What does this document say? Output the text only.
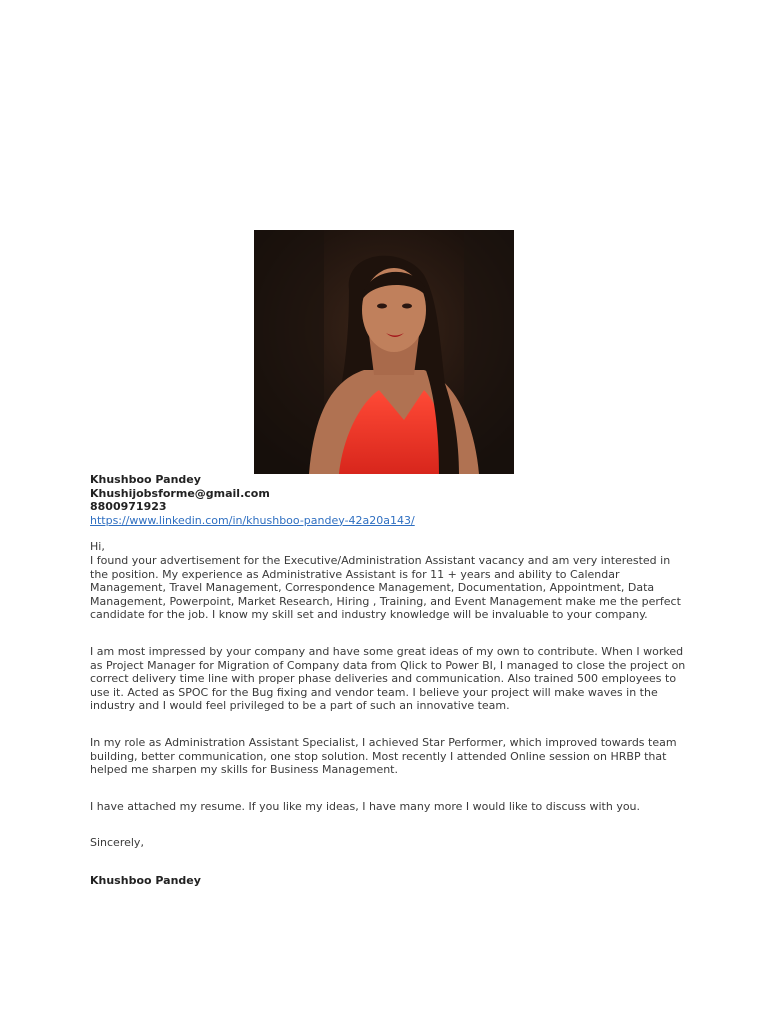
Khushboo Pandey
Khushijobsforme@gmail.com
8800971923
https://www.linkedin.com/in/khushboo-pandey-42a20a143/

Hi,

I found your advertisement for the Executive/Administration Assistant vacancy and am very interested in the position. My experience as Administrative Assistant is for 11 + years and ability to Calendar Management, Travel Management, Correspondence Management, Documentation, Appointment, Data Management, Powerpoint, Market Research, Hiring , Training, and Event Management make me the perfect candidate for the job. I know my skill set and industry knowledge will be invaluable to your company.

I am most impressed by your company and have some great ideas of my own to contribute. When I worked as Project Manager for Migration of Company data from Qlick to Power BI, I managed to close the project on correct delivery time line with proper phase deliveries and communication. Also trained 500 employees to use it. Acted as SPOC for the Bug fixing and vendor team. I believe your project will make waves in the industry and I would feel privileged to be a part of such an innovative team.

In my role as Administration Assistant Specialist, I achieved Star Performer, which improved towards team building, better communication, one stop solution. Most recently I attended Online session on HRBP that helped me sharpen my skills for Business Management.

I have attached my resume. If you like my ideas, I have many more I would like to discuss with you.

Sincerely,

Khushboo Pandey
